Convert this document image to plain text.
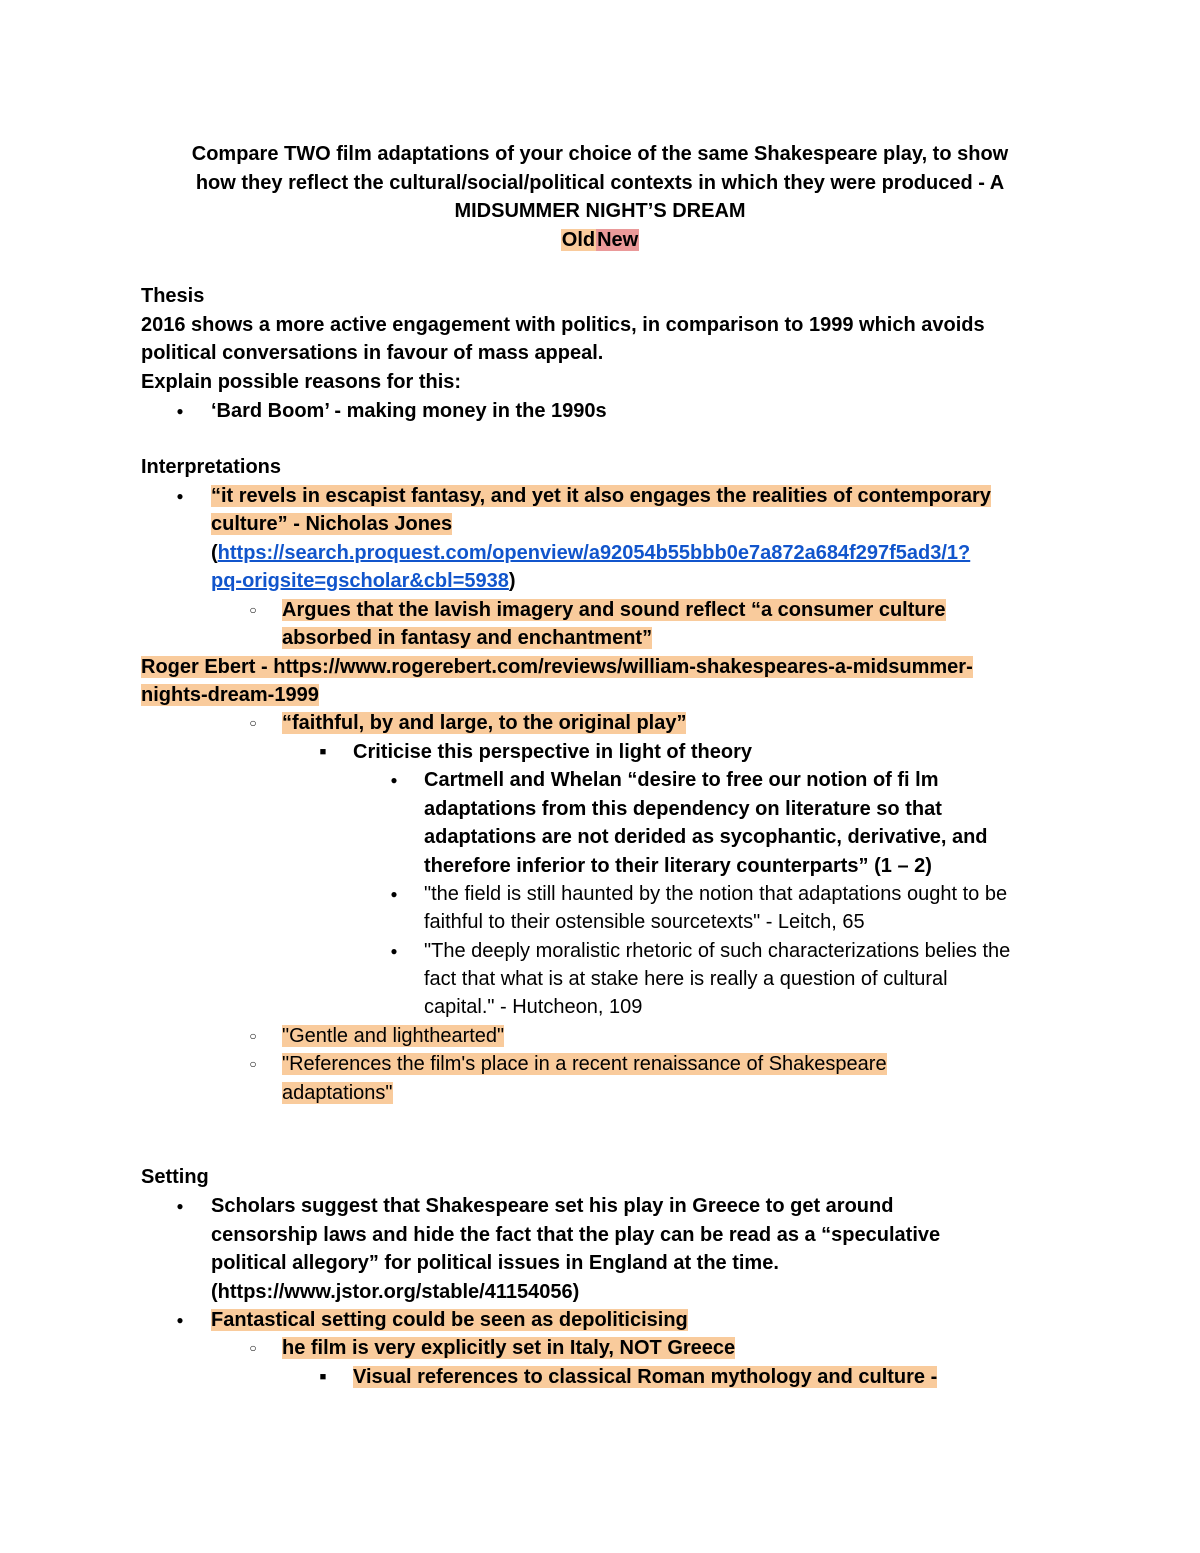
Compare TWO film adaptations of your choice of the same Shakespeare play, to show

how they reflect the cultural/social/political contexts in which they were produced - A

MIDSUMMER NIGHT’S DREAM

Old New

Thesis
2016 shows a more active engagement with politics, in comparison to 1999 which avoids
political conversations in favour of mass appeal.
Explain possible reasons for this:
● ‘Bard Boom’ - making money in the 1990s
Interpretations
● “it revels in escapist fantasy, and yet it also engages the realities of contemporary
culture” - Nicholas Jones
(https://search.proquest.com/openview/a92054b55bbb0e7a872a684f297f5ad3/1?
pq-origsite=gscholar&cbl=5938)
○ Argues that the lavish imagery and sound reflect “a consumer culture
absorbed in fantasy and enchantment”
Roger Ebert - https://www.rogerebert.com/reviews/william-shakespeares-a-midsummer-
nights-dream-1999
○ “faithful, by and large, to the original play”
■ Criticise this perspective in light of theory
● Cartmell and Whelan “desire to free our notion of fi lm
adaptations from this dependency on literature so that
adaptations are not derided as sycophantic, derivative, and
therefore inferior to their literary counterparts” (1 – 2)
● "the field is still haunted by the notion that adaptations ought to be
faithful to their ostensible sourcetexts" - Leitch, 65
● "The deeply moralistic rhetoric of such characterizations belies the
fact that what is at stake here is really a question of cultural
capital." - Hutcheon, 109
○ "Gentle and lighthearted"
○ "References the film's place in a recent renaissance of Shakespeare
adaptations"
Setting
● Scholars suggest that Shakespeare set his play in Greece to get around
censorship laws and hide the fact that the play can be read as a “speculative
political allegory” for political issues in England at the time.
(https://www.jstor.org/stable/41154056)
● Fantastical setting could be seen as depoliticising
○ he film is very explicitly set in Italy, NOT Greece
■ Visual references to classical Roman mythology and culture -
